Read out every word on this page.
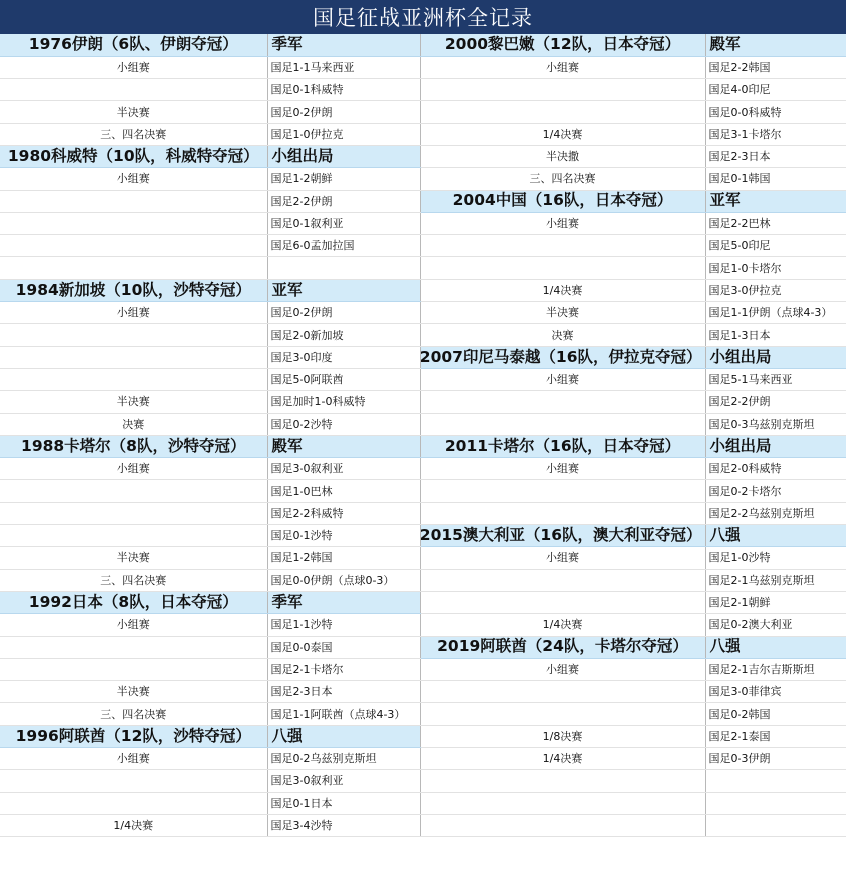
国足征战亚洲杯全记录
1976伊朗（6队、伊朗夺冠）	季军	2000黎巴嫩（12队，日本夺冠）	殿军
小组赛	国足1-1马来西亚	小组赛	国足2-2韩国
	国足0-1科威特		国足4-0印尼
半决赛	国足0-2伊朗		国足0-0科威特
三、四名决赛	国足1-0伊拉克	1/4决赛	国足3-1卡塔尔
1980科威特（10队，科威特夺冠）	小组出局	半决撒	国足2-3日本
小组赛	国足1-2朝鲜	三、四名决赛	国足0-1韩国
	国足2-2伊朗	2004中国（16队，日本夺冠）	亚军
	国足0-1叙利亚	小组赛	国足2-2巴林
	国足6-0孟加拉国		国足5-0印尼
			国足1-0卡塔尔
1984新加坡（10队，沙特夺冠）	亚军	1/4决赛	国足3-0伊拉克
小组赛	国足0-2伊朗	半决赛	国足1-1伊朗（点球4-3）
	国足2-0新加坡	决赛	国足1-3日本
	国足3-0印度	2007印尼马泰越（16队，伊拉克夺冠）	小组出局
	国足5-0阿联酋	小组赛	国足5-1马来西亚
半决赛	国足加时1-0科威特		国足2-2伊朗
决赛	国足0-2沙特		国足0-3乌兹别克斯坦
1988卡塔尔（8队，沙特夺冠）	殿军	2011卡塔尔（16队，日本夺冠）	小组出局
小组赛	国足3-0叙利亚	小组赛	国足2-0科威特
	国足1-0巴林		国足0-2卡塔尔
	国足2-2科威特		国足2-2乌兹别克斯坦
	国足0-1沙特	2015澳大利亚（16队，澳大利亚夺冠）	八强
半决赛	国足1-2韩国	小组赛	国足1-0沙特
三、四名决赛	国足0-0伊朗（点球0-3）		国足2-1乌兹别克斯坦
1992日本（8队，日本夺冠）	季军		国足2-1朝鲜
小组赛	国足1-1沙特	1/4决赛	国足0-2澳大利亚
	国足0-0泰国	2019阿联酋（24队，卡塔尔夺冠）	八强
	国足2-1卡塔尔	小组赛	国足2-1吉尔吉斯斯坦
半决赛	国足2-3日本		国足3-0菲律宾
三、四名决赛	国足1-1阿联酋（点球4-3）		国足0-2韩国
1996阿联酋（12队，沙特夺冠）	八强	1/8决赛	国足2-1泰国
小组赛	国足0-2乌兹别克斯坦	1/4决赛	国足0-3伊朗
	国足3-0叙利亚		
	国足0-1日本		
1/4决赛	国足3-4沙特		
